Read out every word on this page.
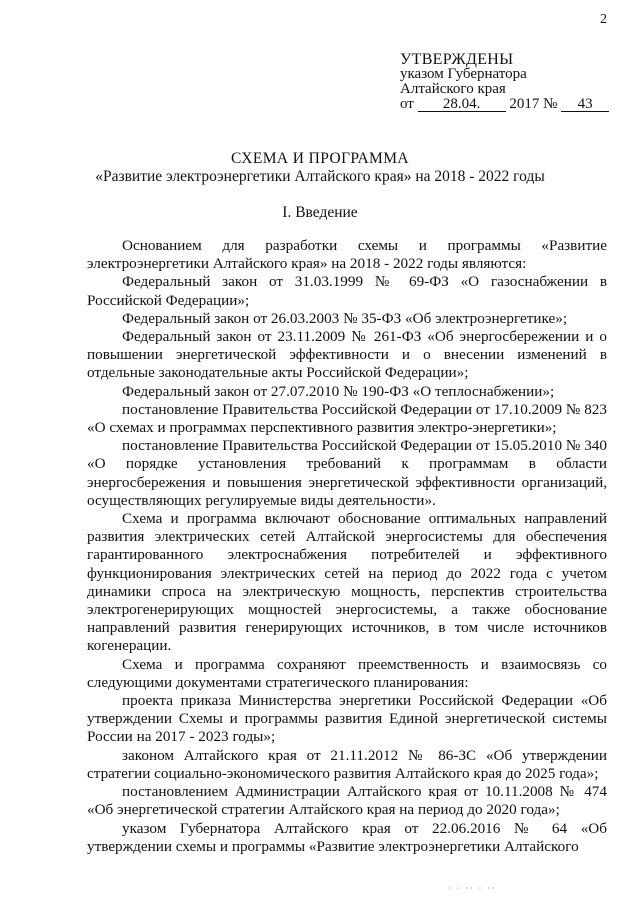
2
УТВЕРЖДЕНЫ
указом Губернатора
Алтайского края
от 28.04. 2017 № 43
СХЕМА И ПРОГРАММА
«Развитие электроэнергетики Алтайского края» на 2018 - 2022 годы
I. Введение

Основанием для разработки схемы и программы «Развитие электроэнергетики Алтайского края» на 2018 - 2022 годы являются:

Федеральный закон от 31.03.1999 № 69-ФЗ «О газоснабжении в Российской Федерации»;

Федеральный закон от 26.03.2003 № 35-ФЗ «Об электроэнергетике»;

Федеральный закон от 23.11.2009 № 261-ФЗ «Об энергосбережении и о повышении энергетической эффективности и о внесении изменений в отдельные законодательные акты Российской Федерации»;

Федеральный закон от 27.07.2010 № 190-ФЗ «О теплоснабжении»;

постановление Правительства Российской Федерации от 17.10.2009 № 823 «О схемах и программах перспективного развития электро-энергетики»;

постановление Правительства Российской Федерации от 15.05.2010 № 340 «О порядке установления требований к программам в области энергосбережения и повышения энергетической эффективности организаций, осуществляющих регулируемые виды деятельности».

Схема и программа включают обоснование оптимальных направлений развития электрических сетей Алтайской энергосистемы для обеспечения гарантированного электроснабжения потребителей и эффективного функционирования электрических сетей на период до 2022 года с учетом динамики спроса на электрическую мощность, перспектив строительства электрогенерирующих мощностей энергосистемы, а также обоснование направлений развития генерирующих источников, в том числе источников когенерации.

Схема и программа сохраняют преемственность и взаимосвязь со следующими документами стратегического планирования:

проекта приказа Министерства энергетики Российской Федерации «Об утверждении Схемы и программы развития Единой энергетической системы России на 2017 - 2023 годы»;

законом Алтайского края от 21.11.2012 № 86-ЗС «Об утверждении стратегии социально-экономического развития Алтайского края до 2025 года»;

постановлением Администрации Алтайского края от 10.11.2008 № 474 «Об энергетической стратегии Алтайского края на период до 2020 года»;

указом Губернатора Алтайского края от 22.06.2016 № 64 «Об утверждении схемы и программы «Развитие электроэнергетики Алтайского

· · ·· · ··
